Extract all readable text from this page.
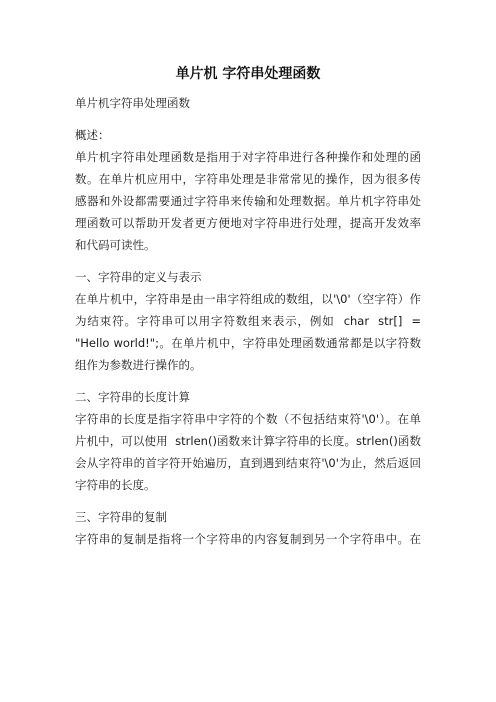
单片机 字符串处理函数
单片机字符串处理函数
概述：
单片机字符串处理函数是指用于对字符串进行各种操作和处理的函
数。在单片机应用中，字符串处理是非常常见的操作，因为很多传
感器和外设都需要通过字符串来传输和处理数据。单片机字符串处
理函数可以帮助开发者更方便地对字符串进行处理，提高开发效率
和代码可读性。
一、字符串的定义与表示
在单片机中，字符串是由一串字符组成的数组，以'\0'（空字符）作
为结束符。字符串可以用字符数组来表示，例如  char  str[]  =
"Hello world!";。在单片机中，字符串处理函数通常都是以字符数
组作为参数进行操作的。
二、字符串的长度计算
字符串的长度是指字符串中字符的个数（不包括结束符'\0'）。在单
片机中，可以使用  strlen()函数来计算字符串的长度。strlen()函数
会从字符串的首字符开始遍历，直到遇到结束符'\0'为止，然后返回
字符串的长度。
三、字符串的复制
字符串的复制是指将一个字符串的内容复制到另一个字符串中。在
